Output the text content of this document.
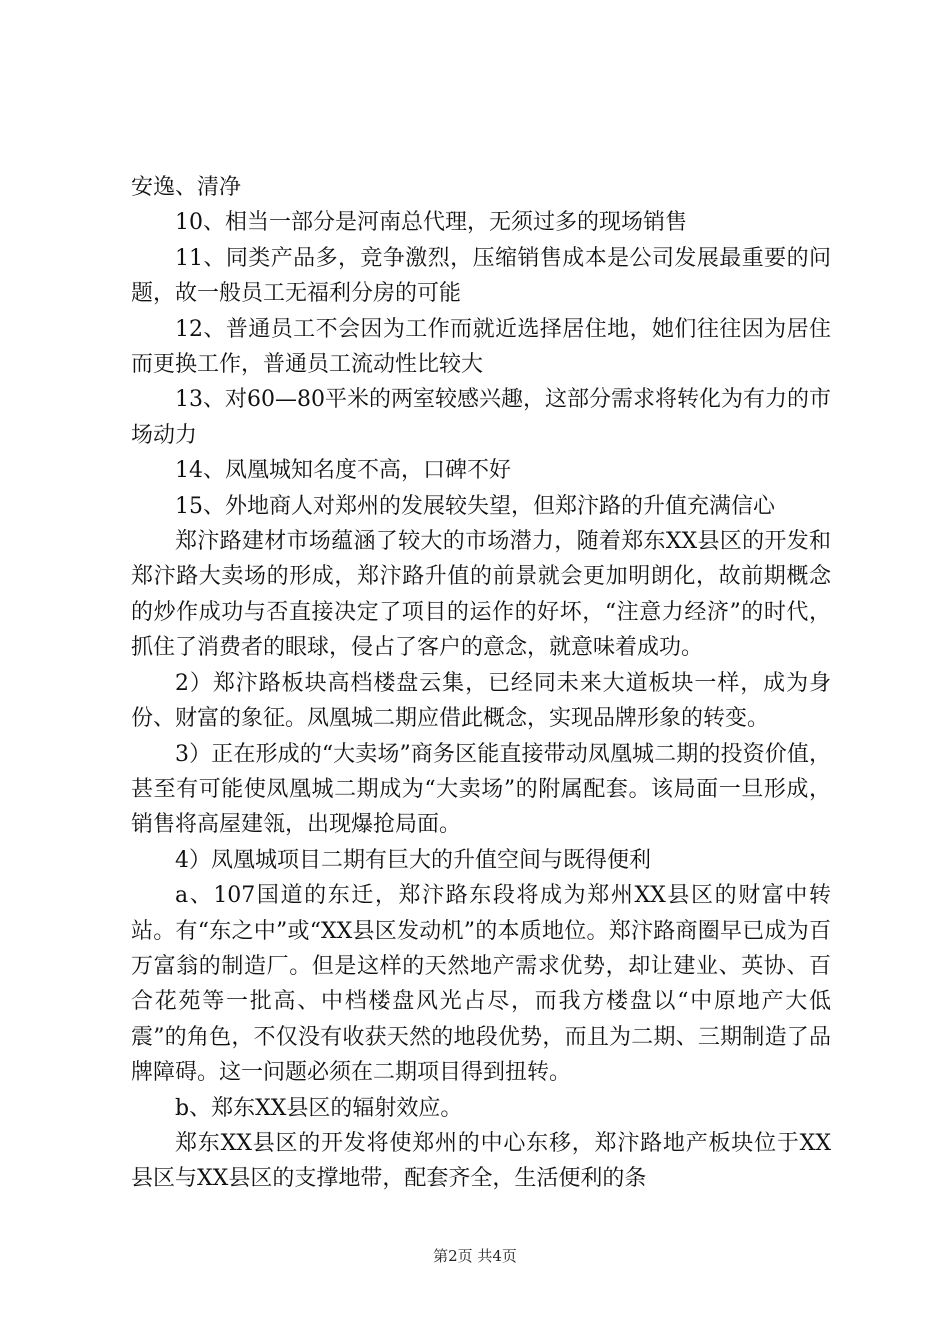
安逸、清净

10、相当一部分是河南总代理，无须过多的现场销售

11、同类产品多，竞争激烈，压缩销售成本是公司发展最重要的问题，故一般员工无福利分房的可能

12、普通员工不会因为工作而就近选择居住地，她们往往因为居住而更换工作，普通员工流动性比较大

13、对60—80平米的两室较感兴趣，这部分需求将转化为有力的市场动力

14、凤凰城知名度不高，口碑不好

15、外地商人对郑州的发展较失望，但郑汴路的升值充满信心

郑汴路建材市场蕴涵了较大的市场潜力，随着郑东XX县区的开发和郑汴路大卖场的形成，郑汴路升值的前景就会更加明朗化，故前期概念的炒作成功与否直接决定了项目的运作的好坏，“注意力经济”的时代，抓住了消费者的眼球，侵占了客户的意念，就意味着成功。

2）郑汴路板块高档楼盘云集，已经同未来大道板块一样，成为身份、财富的象征。凤凰城二期应借此概念，实现品牌形象的转变。

3）正在形成的“大卖场”商务区能直接带动凤凰城二期的投资价值，甚至有可能使凤凰城二期成为“大卖场”的附属配套。该局面一旦形成，销售将高屋建瓴，出现爆抢局面。

4）凤凰城项目二期有巨大的升值空间与既得便利

a、107国道的东迁，郑汴路东段将成为郑州XX县区的财富中转站。有“东之中”或“XX县区发动机”的本质地位。郑汴路商圈早已成为百万富翁的制造厂。但是这样的天然地产需求优势，却让建业、英协、百合花苑等一批高、中档楼盘风光占尽，而我方楼盘以“中原地产大低震”的角色，不仅没有收获天然的地段优势，而且为二期、三期制造了品牌障碍。这一问题必须在二期项目得到扭转。

b、郑东XX县区的辐射效应。

郑东XX县区的开发将使郑州的中心东移，郑汴路地产板块位于XX县区与XX县区的支撑地带，配套齐全，生活便利的条

第2页 共4页
